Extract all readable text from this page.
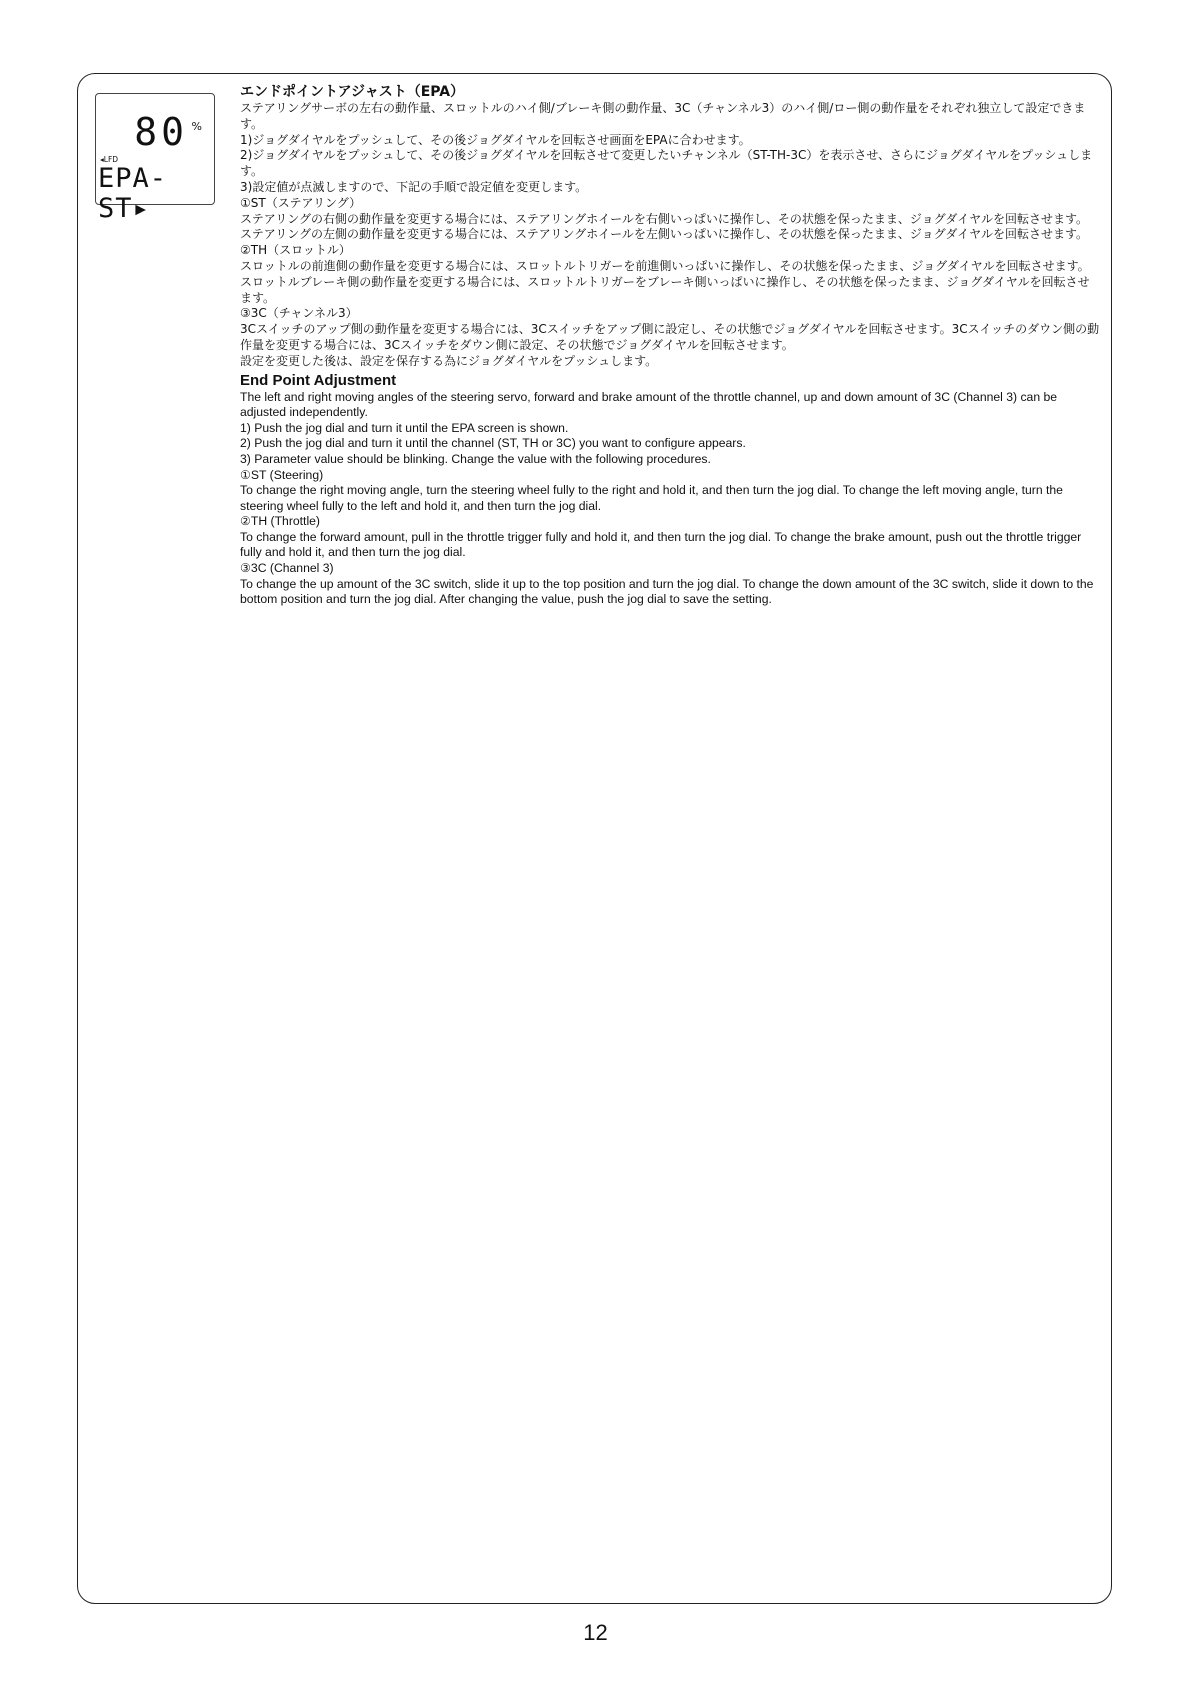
80 %
◂LFD
EPA-ST▸
エンドポイントアジャスト（EPA）

ステアリングサーボの左右の動作量、スロットルのハイ側/ブレーキ側の動作量、3C（チャンネル3）のハイ側/ロー側の動作量をそれぞれ独立して設定できます。

1)ジョグダイヤルをプッシュして、その後ジョグダイヤルを回転させ画面をEPAに合わせます。

2)ジョグダイヤルをプッシュして、その後ジョグダイヤルを回転させて変更したいチャンネル（ST-TH-3C）を表示させ、さらにジョグダイヤルをプッシュします。

3)設定値が点滅しますので、下記の手順で設定値を変更します。

①ST（ステアリング）

ステアリングの右側の動作量を変更する場合には、ステアリングホイールを右側いっぱいに操作し、その状態を保ったまま、ジョグダイヤルを回転させます。ステアリングの左側の動作量を変更する場合には、ステアリングホイールを左側いっぱいに操作し、その状態を保ったまま、ジョグダイヤルを回転させます。

②TH（スロットル）

スロットルの前進側の動作量を変更する場合には、スロットルトリガーを前進側いっぱいに操作し、その状態を保ったまま、ジョグダイヤルを回転させます。スロットルブレーキ側の動作量を変更する場合には、スロットルトリガーをブレーキ側いっぱいに操作し、その状態を保ったまま、ジョグダイヤルを回転させます。

③3C（チャンネル3）

3Cスイッチのアップ側の動作量を変更する場合には、3Cスイッチをアップ側に設定し、その状態でジョグダイヤルを回転させます。3Cスイッチのダウン側の動作量を変更する場合には、3Cスイッチをダウン側に設定、その状態でジョグダイヤルを回転させます。

設定を変更した後は、設定を保存する為にジョグダイヤルをプッシュします。

End Point Adjustment

The left and right moving angles of the steering servo, forward and brake amount of the throttle channel, up and down amount of 3C (Channel 3) can be adjusted independently.

1) Push the jog dial and turn it until the EPA screen is shown.

2) Push the jog dial and turn it until the channel (ST, TH or 3C) you want to configure appears.

3) Parameter value should be blinking. Change the value with the following procedures.

①ST (Steering)

To change the right moving angle, turn the steering wheel fully to the right and hold it, and then turn the jog dial. To change the left moving angle, turn the steering wheel fully to the left and hold it, and then turn the jog dial.

②TH (Throttle)

To change the forward amount, pull in the throttle trigger fully and hold it, and then turn the jog dial. To change the brake amount, push out the throttle trigger fully and hold it, and then turn the jog dial.

③3C (Channel 3)

To change the up amount of the 3C switch, slide it up to the top position and turn the jog dial. To change the down amount of the 3C switch, slide it down to the bottom position and turn the jog dial. After changing the value, push the jog dial to save the setting.

12
